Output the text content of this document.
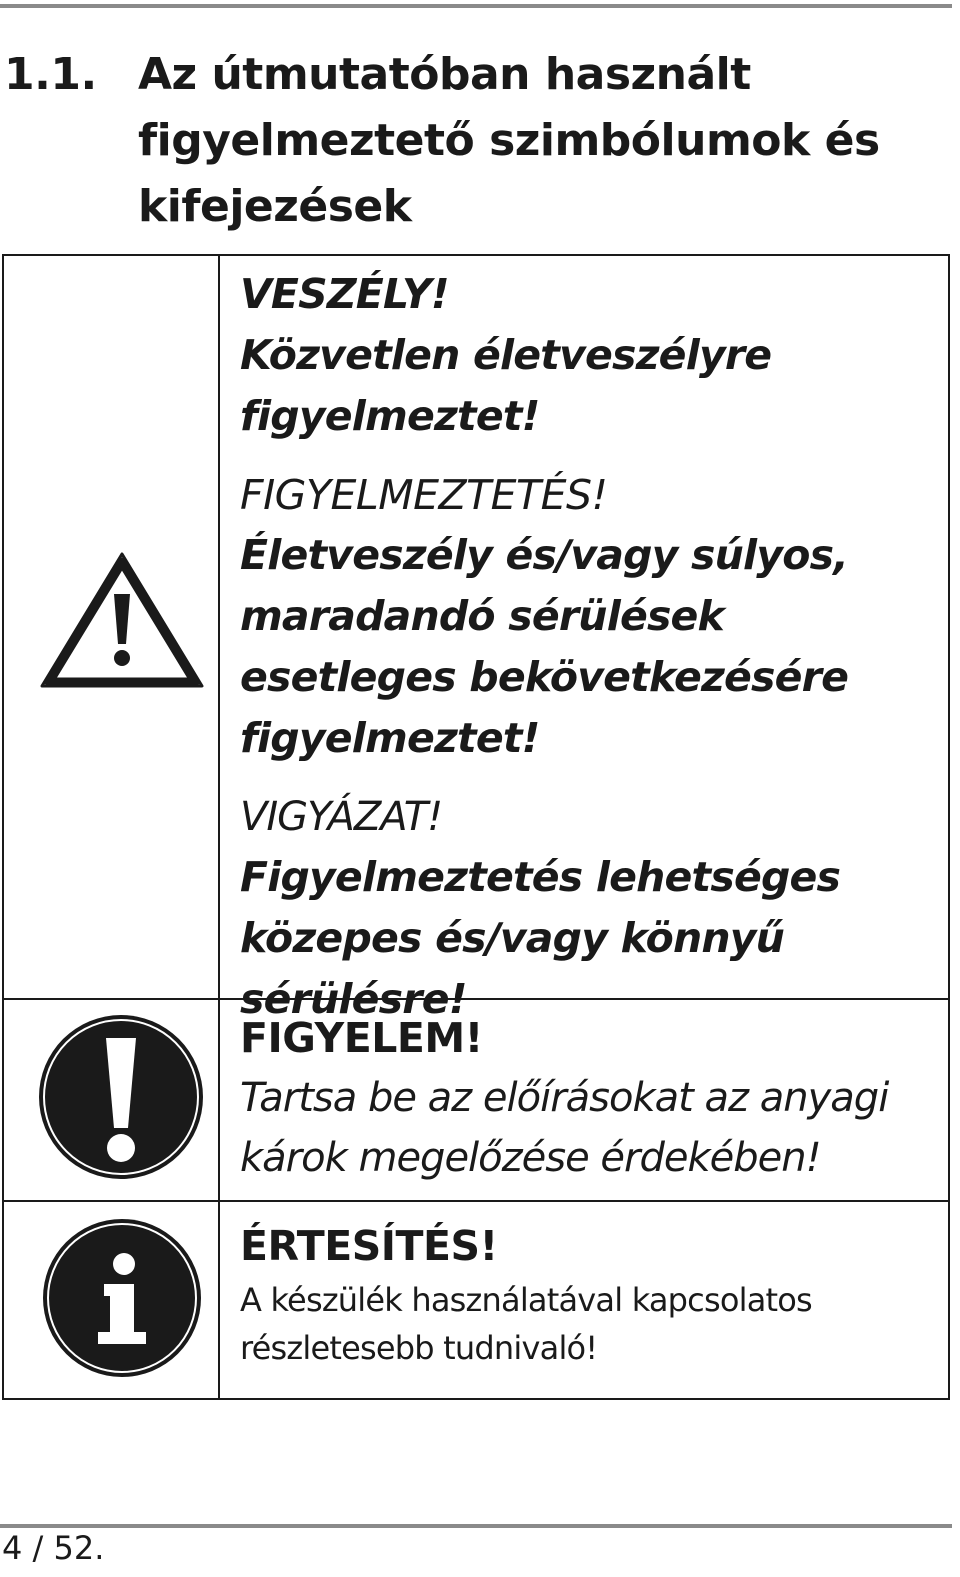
1.1. Az útmutatóban használt figyelmeztető szimbólumok és kifejezések
VESZÉLY!
Közvetlen életveszélyre figyelmeztet!
FIGYELMEZTETÉS!
Életveszély és/vagy súlyos, maradandó sérülések esetleges bekövetkezésére figyelmeztet!
VIGYÁZAT!
Figyelmeztetés lehetséges közepes és/vagy könnyű sérülésre!
FIGYELEM!
Tartsa be az előírásokat az anyagi károk megelőzése érdekében!
ÉRTESÍTÉS!
A készülék használatával kapcsolatos részletesebb tudnivaló!
4 / 52.
